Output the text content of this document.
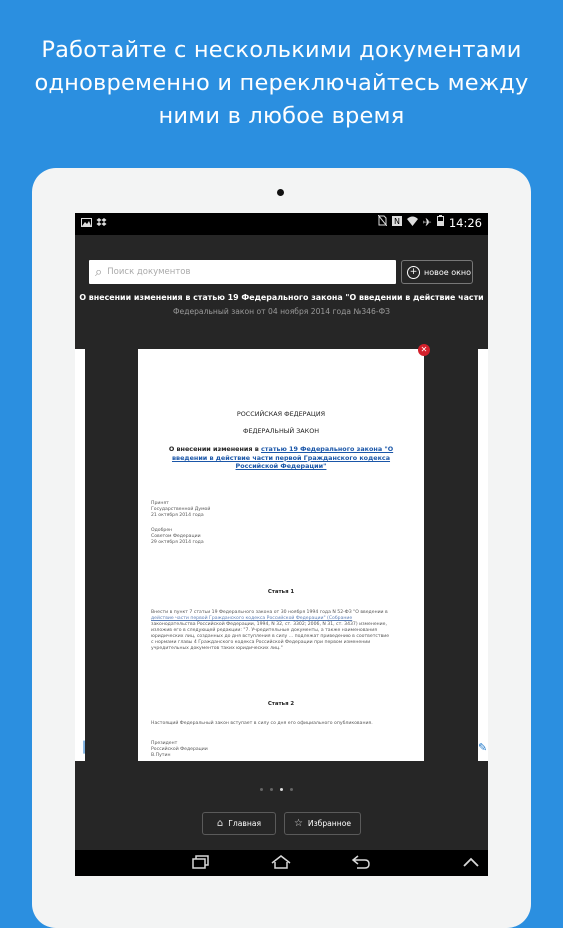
Работайте с несколькими документами
одновременно и переключайтесь между
ними в любое время
N ✈ 14:26
⌕
Поиск документов	+ новое окно
О внесении изменения в статью 19 Федерального закона "О введении в действие части
Федеральный закон от 04 ноября 2014 года №346-ФЗ
▕	✎
✕
РОССИЙСКАЯ ФЕДЕРАЦИЯ
ФЕДЕРАЛЬНЫЙ ЗАКОН
О внесении изменения в статью 19 Федерального закона "О
введении в действие части первой Гражданского кодекса
Российской Федерации"
Принят
Государственной Думой
21 октября 2014 года
Одобрен
Советом Федерации
29 октября 2014 года
Статья 1
Внести в пункт 7 статьи 19 Федерального закона от 30 ноября 1994 года N 52-ФЗ "О введении в
действие части первой Гражданского кодекса Российской Федерации" (Собрание
законодательства Российской Федерации, 1994, N 32, ст. 3302; 2006, N 31, ст. 3437) изменение,
изложив его в следующей редакции: "7. Учредительные документы, а также наименования
юридических лиц, созданных до дня вступления в силу ... подлежат приведению в соответствие
с нормами главы 4 Гражданского кодекса Российской Федерации при первом изменении
учредительных документов таких юридических лиц."
Статья 2
Настоящий Федеральный закон вступает в силу со дня его официального опубликования.
Президент
Российской Федерации
В.Путин
⌂ Главная	☆ Избранное
